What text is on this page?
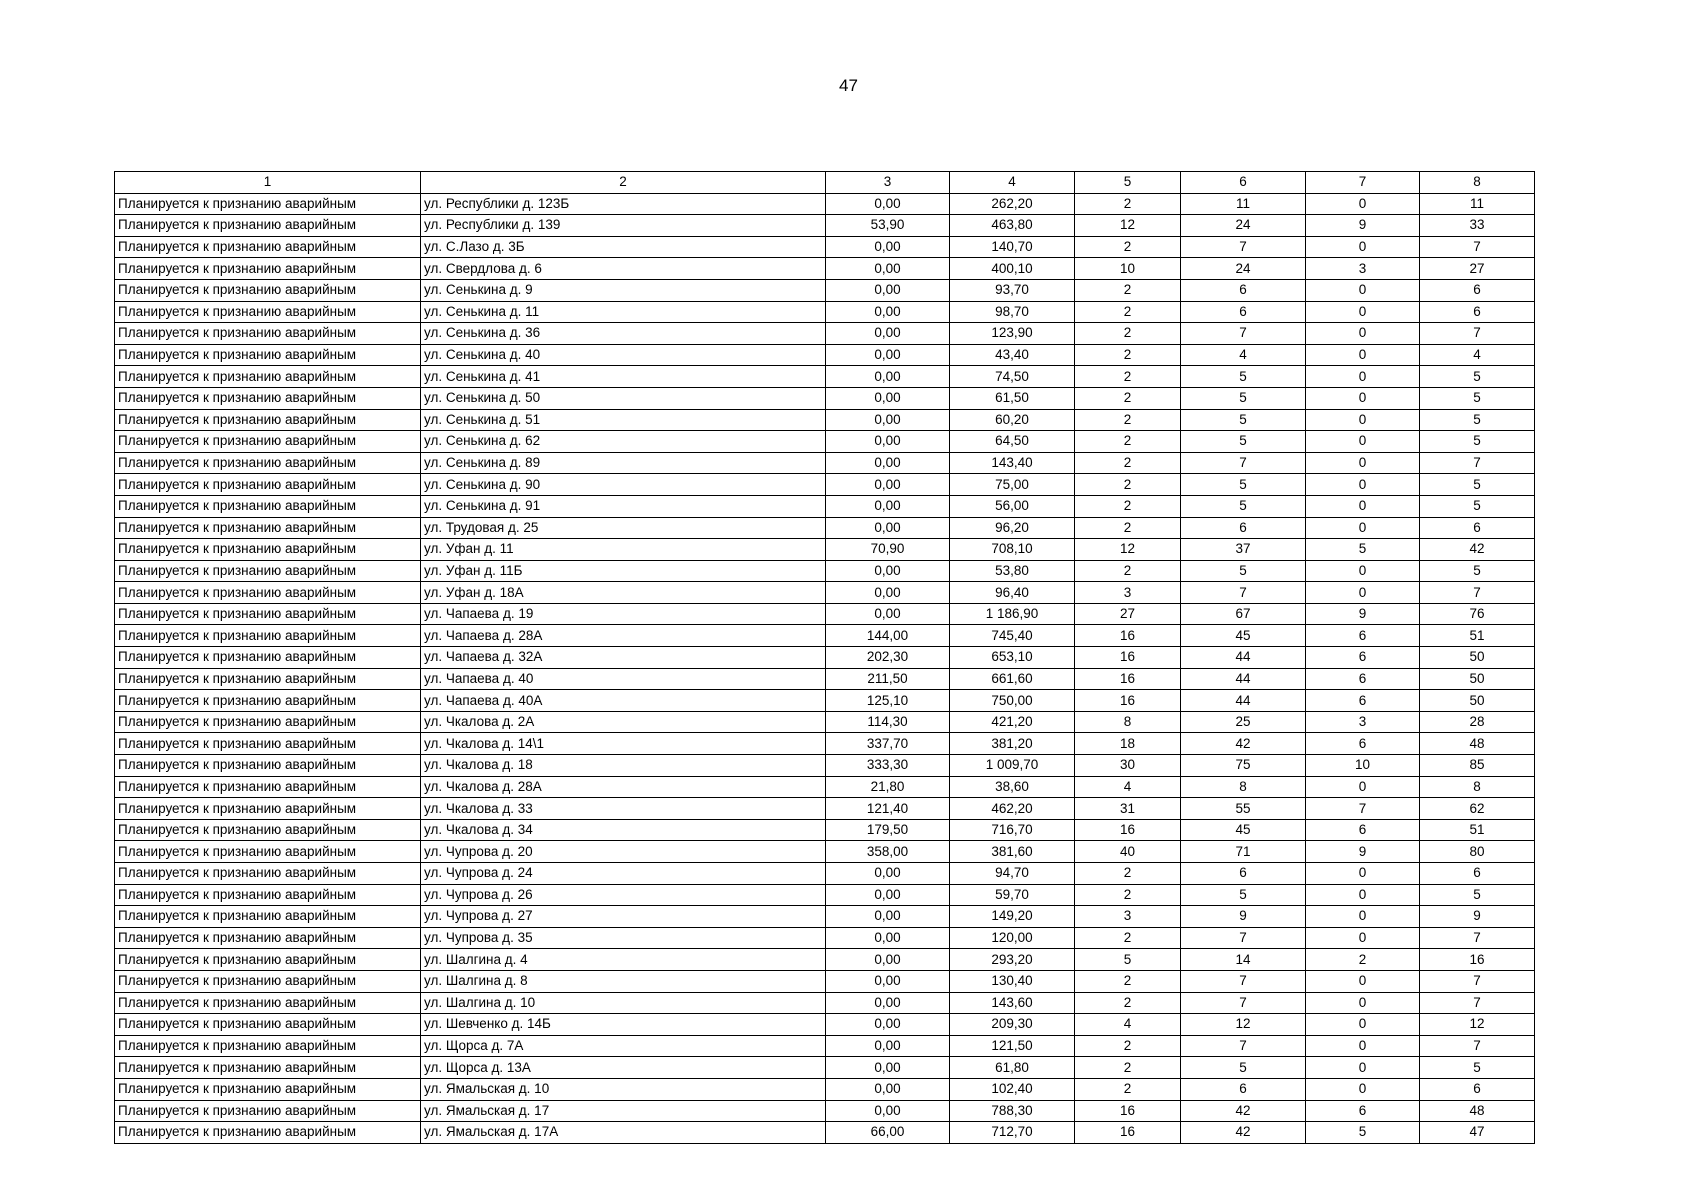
47
1	2	3	4	5	6	7	8
Планируется к признанию аварийным	ул. Республики д. 123Б	0,00	262,20	2	11	0	11
Планируется к признанию аварийным	ул. Республики д. 139	53,90	463,80	12	24	9	33
Планируется к признанию аварийным	ул. С.Лазо д. 3Б	0,00	140,70	2	7	0	7
Планируется к признанию аварийным	ул. Свердлова д. 6	0,00	400,10	10	24	3	27
Планируется к признанию аварийным	ул. Сенькина д. 9	0,00	93,70	2	6	0	6
Планируется к признанию аварийным	ул. Сенькина д. 11	0,00	98,70	2	6	0	6
Планируется к признанию аварийным	ул. Сенькина д. 36	0,00	123,90	2	7	0	7
Планируется к признанию аварийным	ул. Сенькина д. 40	0,00	43,40	2	4	0	4
Планируется к признанию аварийным	ул. Сенькина д. 41	0,00	74,50	2	5	0	5
Планируется к признанию аварийным	ул. Сенькина д. 50	0,00	61,50	2	5	0	5
Планируется к признанию аварийным	ул. Сенькина д. 51	0,00	60,20	2	5	0	5
Планируется к признанию аварийным	ул. Сенькина д. 62	0,00	64,50	2	5	0	5
Планируется к признанию аварийным	ул. Сенькина д. 89	0,00	143,40	2	7	0	7
Планируется к признанию аварийным	ул. Сенькина д. 90	0,00	75,00	2	5	0	5
Планируется к признанию аварийным	ул. Сенькина д. 91	0,00	56,00	2	5	0	5
Планируется к признанию аварийным	ул. Трудовая д. 25	0,00	96,20	2	6	0	6
Планируется к признанию аварийным	ул. Уфан д. 11	70,90	708,10	12	37	5	42
Планируется к признанию аварийным	ул. Уфан д. 11Б	0,00	53,80	2	5	0	5
Планируется к признанию аварийным	ул. Уфан д. 18А	0,00	96,40	3	7	0	7
Планируется к признанию аварийным	ул. Чапаева д. 19	0,00	1 186,90	27	67	9	76
Планируется к признанию аварийным	ул. Чапаева д. 28А	144,00	745,40	16	45	6	51
Планируется к признанию аварийным	ул. Чапаева д. 32А	202,30	653,10	16	44	6	50
Планируется к признанию аварийным	ул. Чапаева д. 40	211,50	661,60	16	44	6	50
Планируется к признанию аварийным	ул. Чапаева д. 40А	125,10	750,00	16	44	6	50
Планируется к признанию аварийным	ул. Чкалова д. 2А	114,30	421,20	8	25	3	28
Планируется к признанию аварийным	ул. Чкалова д. 14\1	337,70	381,20	18	42	6	48
Планируется к признанию аварийным	ул. Чкалова д. 18	333,30	1 009,70	30	75	10	85
Планируется к признанию аварийным	ул. Чкалова д. 28А	21,80	38,60	4	8	0	8
Планируется к признанию аварийным	ул. Чкалова д. 33	121,40	462,20	31	55	7	62
Планируется к признанию аварийным	ул. Чкалова д. 34	179,50	716,70	16	45	6	51
Планируется к признанию аварийным	ул. Чупрова д. 20	358,00	381,60	40	71	9	80
Планируется к признанию аварийным	ул. Чупрова д. 24	0,00	94,70	2	6	0	6
Планируется к признанию аварийным	ул. Чупрова д. 26	0,00	59,70	2	5	0	5
Планируется к признанию аварийным	ул. Чупрова д. 27	0,00	149,20	3	9	0	9
Планируется к признанию аварийным	ул. Чупрова д. 35	0,00	120,00	2	7	0	7
Планируется к признанию аварийным	ул. Шалгина д. 4	0,00	293,20	5	14	2	16
Планируется к признанию аварийным	ул. Шалгина д. 8	0,00	130,40	2	7	0	7
Планируется к признанию аварийным	ул. Шалгина д. 10	0,00	143,60	2	7	0	7
Планируется к признанию аварийным	ул. Шевченко д. 14Б	0,00	209,30	4	12	0	12
Планируется к признанию аварийным	ул. Щорса д. 7А	0,00	121,50	2	7	0	7
Планируется к признанию аварийным	ул. Щорса д. 13А	0,00	61,80	2	5	0	5
Планируется к признанию аварийным	ул. Ямальская д. 10	0,00	102,40	2	6	0	6
Планируется к признанию аварийным	ул. Ямальская д. 17	0,00	788,30	16	42	6	48
Планируется к признанию аварийным	ул. Ямальская д. 17А	66,00	712,70	16	42	5	47
